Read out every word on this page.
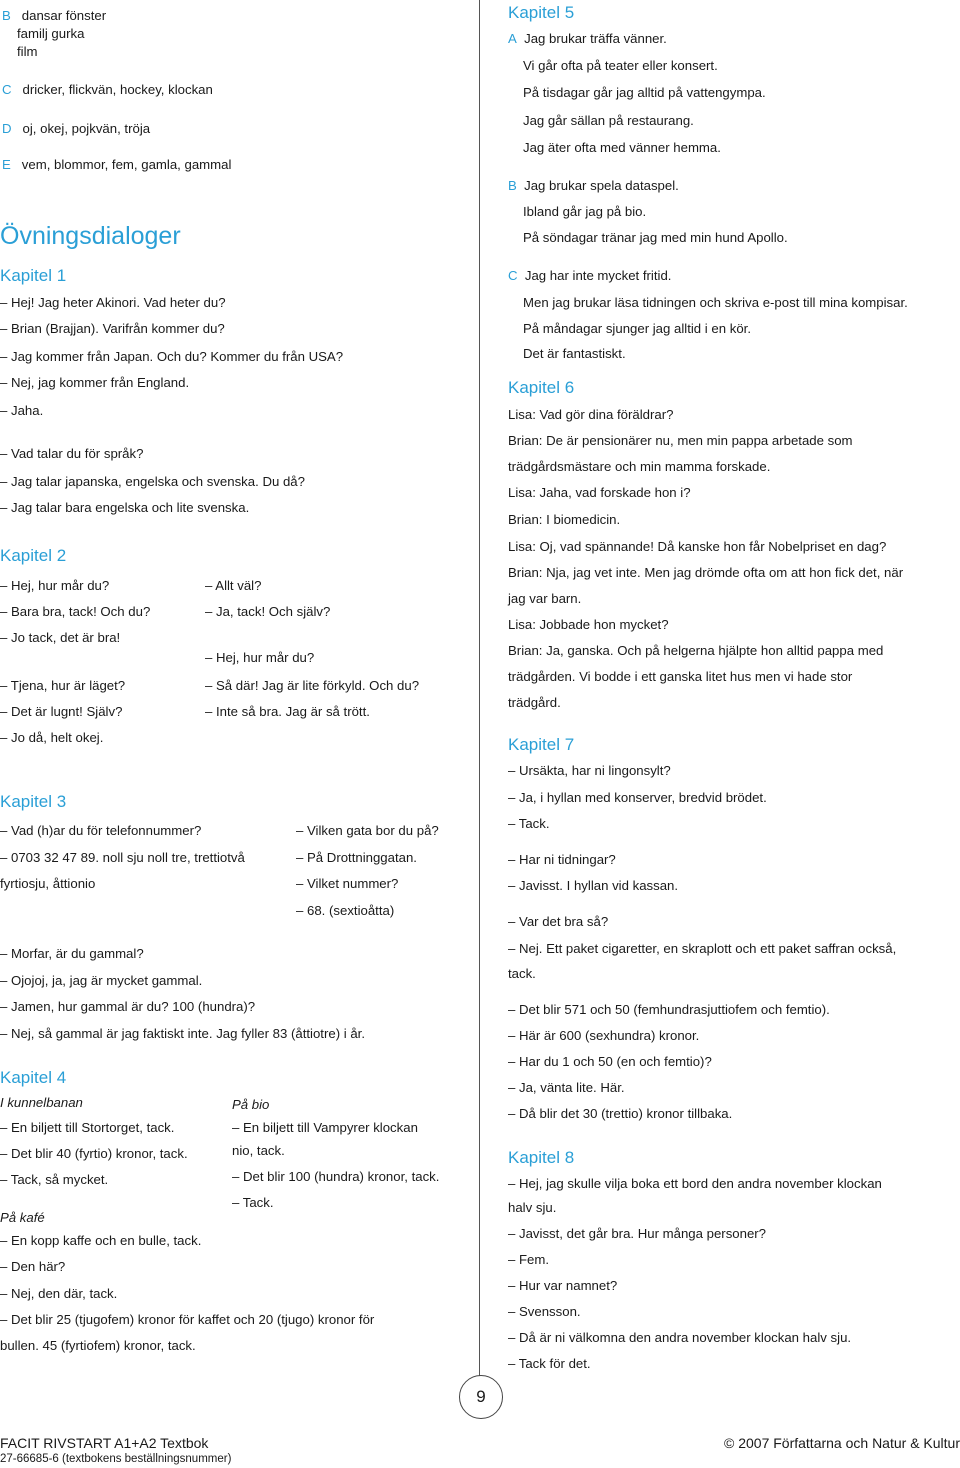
B dansar fönster
familj gurka
film
C dricker, flickvän, hockey, klockan
D oj, okej, pojkvän, tröja
E vem, blommor, fem, gamla, gammal
Övningsdialoger
Kapitel 1
– Hej! Jag heter Akinori. Vad heter du?
– Brian (Brajjan). Varifrån kommer du?
– Jag kommer från Japan. Och du? Kommer du från USA?
– Nej, jag kommer från England.
– Jaha.
– Vad talar du för språk?
– Jag talar japanska, engelska och svenska. Du då?
– Jag talar bara engelska och lite svenska.
Kapitel 2
– Hej, hur mår du?
– Bara bra, tack! Och du?
– Jo tack, det är bra!
– Tjena, hur är läget?
– Det är lugnt! Själv?
– Jo då, helt okej.
– Allt väl?
– Ja, tack! Och själv?
– Hej, hur mår du?
– Så där! Jag är lite förkyld. Och du?
– Inte så bra. Jag är så trött.
Kapitel 3
– Vad (h)ar du för telefonnummer?
– 0703 32 47 89. noll sju noll tre, trettiotvå
fyrtiosju, åttionio
– Vilken gata bor du på?
– På Drottninggatan.
– Vilket nummer?
– 68. (sextioåtta)
– Morfar, är du gammal?
– Ojojoj, ja, jag är mycket gammal.
– Jamen, hur gammal är du? 100 (hundra)?
– Nej, så gammal är jag faktiskt inte. Jag fyller 83 (åttiotre) i år.
Kapitel 4
I kunnelbanan
– En biljett till Stortorget, tack.
– Det blir 40 (fyrtio) kronor, tack.
– Tack, så mycket.
På bio
– En biljett till Vampyrer klockan
nio, tack.
– Det blir 100 (hundra) kronor, tack.
– Tack.
På kafé
– En kopp kaffe och en bulle, tack.
– Den här?
– Nej, den där, tack.
– Det blir 25 (tjugofem) kronor för kaffet och 20 (tjugo) kronor för
bullen. 45 (fyrtiofem) kronor, tack.
Kapitel 5
A Jag brukar träffa vänner.
Vi går ofta på teater eller konsert.
På tisdagar går jag alltid på vattengympa.
Jag går sällan på restaurang.
Jag äter ofta med vänner hemma.
B Jag brukar spela dataspel.
Ibland går jag på bio.
På söndagar tränar jag med min hund Apollo.
C Jag har inte mycket fritid.
Men jag brukar läsa tidningen och skriva e-post till mina kompisar.
På måndagar sjunger jag alltid i en kör.
Det är fantastiskt.
Kapitel 6
Lisa: Vad gör dina föräldrar?
Brian: De är pensionärer nu, men min pappa arbetade som
trädgårdsmästare och min mamma forskade.
Lisa: Jaha, vad forskade hon i?
Brian: I biomedicin.
Lisa: Oj, vad spännande! Då kanske hon får Nobelpriset en dag?
Brian: Nja, jag vet inte. Men jag drömde ofta om att hon fick det, när
jag var barn.
Lisa: Jobbade hon mycket?
Brian: Ja, ganska. Och på helgerna hjälpte hon alltid pappa med
trädgården. Vi bodde i ett ganska litet hus men vi hade stor
trädgård.
Kapitel 7
– Ursäkta, har ni lingonsylt?
– Ja, i hyllan med konserver, bredvid brödet.
– Tack.
– Har ni tidningar?
– Javisst. I hyllan vid kassan.
– Var det bra så?
– Nej. Ett paket cigaretter, en skraplott och ett paket saffran också,
tack.
– Det blir 571 och 50 (femhundrasjuttiofem och femtio).
– Här är 600 (sexhundra) kronor.
– Har du 1 och 50 (en och femtio)?
– Ja, vänta lite. Här.
– Då blir det 30 (trettio) kronor tillbaka.
Kapitel 8
– Hej, jag skulle vilja boka ett bord den andra november klockan
halv sju.
– Javisst, det går bra. Hur många personer?
– Fem.
– Hur var namnet?
– Svensson.
– Då är ni välkomna den andra november klockan halv sju.
– Tack för det.
9
FACIT RIVSTART A1+A2 Textbok
27-66685-6 (textbokens beställningsnummer)
© 2007 Författarna och Natur & Kultur
